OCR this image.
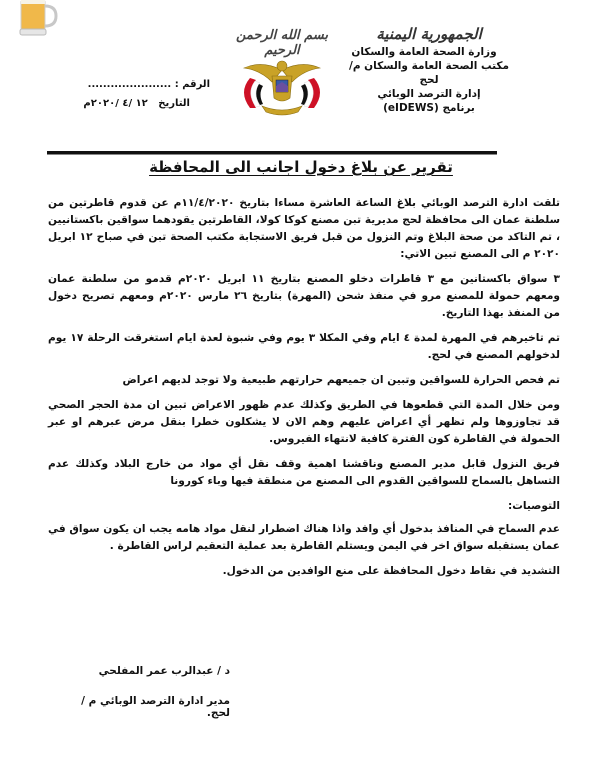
الجمهورية اليمنية
وزارة الصحة العامة والسكان
مكتب الصحة العامة والسكان م/ لحج
إدارة الترصد الوبائي
برنامج (eIDEWS)
بسم الله الرحمن الرحيم
الرقم : ......................
التاريخ   ١٢ /٤ /٢٠٢٠م
تقرير عن بلاغ دخول اجانب الى المحافظة

تلقت ادارة الترصد الوبائي بلاغ الساعة العاشرة مساءا بتاريخ ١١/٤/٢٠٢٠م عن قدوم قاطرتين من سلطنة عمان الى محافظة لحج مديرية تبن مصنع كوكا كولا، القاطرتين يقودهما سواقين باكستانيين ، تم التاكد من صحة البلاغ وتم النزول من قبل فريق الاستجابة مكتب الصحة تبن في صباح ١٢ ابريل ٢٠٢٠ م الى المصنع تبين الاتي:

٣ سواق باكستانين مع ٣ قاطرات دخلو المصنع بتاريخ ١١ ابريل ٢٠٢٠م قدمو من سلطنة عمان ومعهم حمولة للمصنع مرو في منفذ شحن (المهرة) بتاريخ ٢٦ مارس ٢٠٢٠م ومعهم تصريح دخول من المنفذ بهذا التاريخ.

تم تاخيرهم في المهرة لمدة ٤ ايام وفي المكلا ٣ يوم وفي شبوة لعدة ايام استغرقت الرحلة ١٧ يوم لدخولهم المصنع في لحج.

تم فحص الحرارة للسواقين وتبين ان جميعهم حرارتهم طبيعية ولا توجد لديهم اعراض

ومن خلال المدة التي قطعوها في الطريق وكذلك عدم ظهور الاعراض تبين ان مدة الحجر الصحي قد تجاوزوها ولم تظهر أي اعراض عليهم وهم الان لا يشكلون خطرا بنقل مرض عبرهم او عبر الحمولة في القاطرة كون الفترة كافية لانتهاء الفيروس.

فريق النزول قابل مدير المصنع وناقشنا اهمية وقف نقل أي مواد من خارج البلاد وكذلك عدم التساهل بالسماح للسواقين القدوم الى المصنع من منطقة فيها وباء كورونا

التوصيات:

عدم السماح في المنافذ بدخول أي وافد واذا هناك اضطرار لنقل مواد هامه يجب ان يكون سواق في عمان يستقبله سواق اخر في اليمن ويستلم القاطرة بعد عملية التعقيم لراس القاطرة .

التشديد في نقاط دخول المحافظة على منع الوافدين من الدخول.

د / عبدالرب عمر المفلحي
مدير ادارة الترصد الوبائي م /لحج.
